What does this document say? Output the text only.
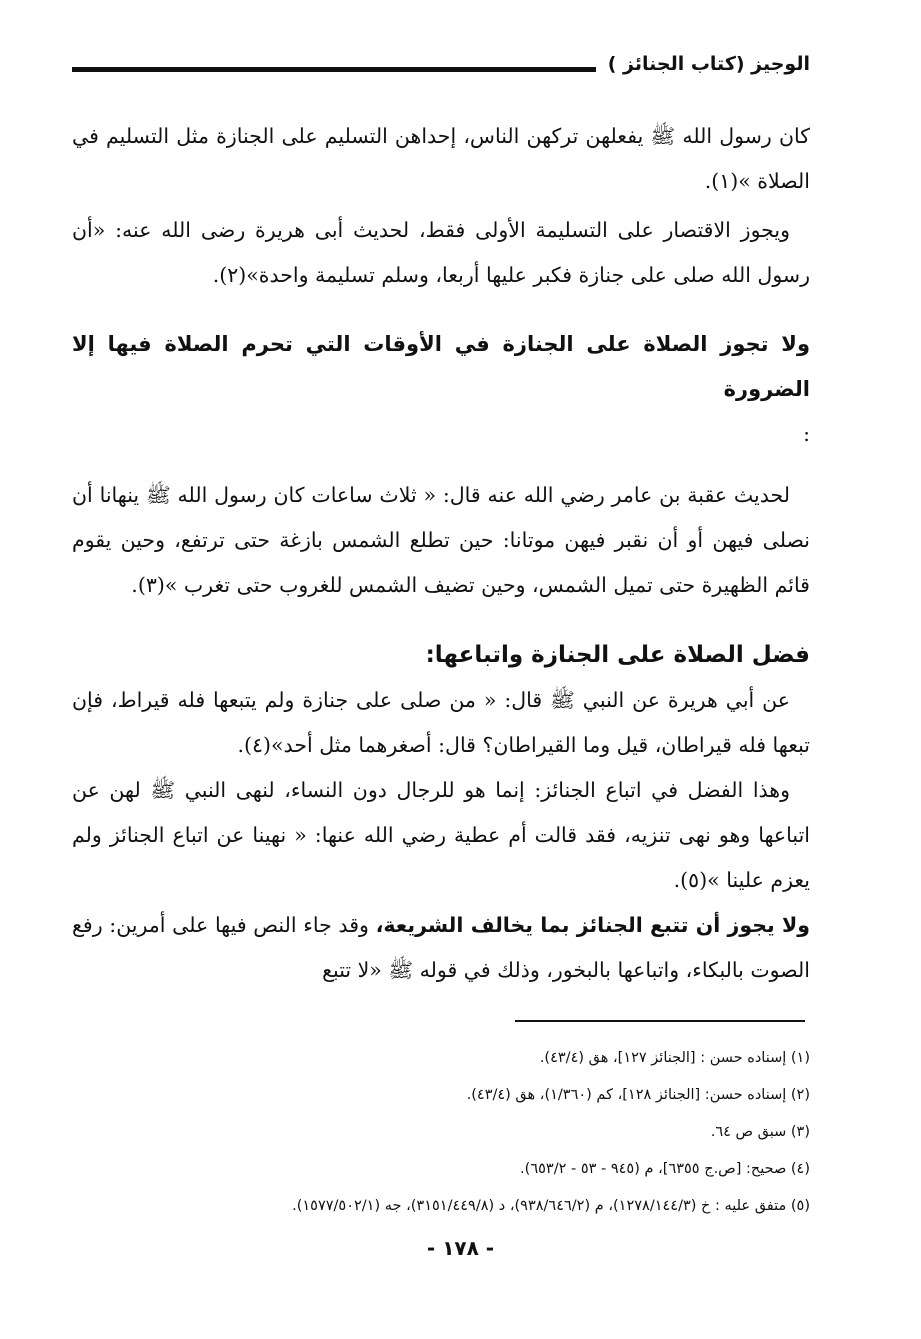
الوجيز (كتاب الجنائز )

كان رسول الله ﷺ يفعلهن تركهن الناس، إحداهن التسليم على الجنازة مثل التسليم في الصلاة »(١).

ويجوز الاقتصار على التسليمة الأولى فقط، لحديث أبى هريرة رضى الله عنه: «أن رسول الله صلى على جنازة فكبر عليها أربعا، وسلم تسليمة واحدة»(٢).

ولا تجوز الصلاة على الجنازة في الأوقات التي تحرم الصلاة فيها إلا الضرورة

:

لحديث عقبة بن عامر رضي الله عنه قال: « ثلاث ساعات كان رسول الله ﷺ ينهانا أن نصلى فيهن أو أن نقبر فيهن موتانا: حين تطلع الشمس بازغة حتى ترتفع، وحين يقوم قائم الظهيرة حتى تميل الشمس، وحين تضيف الشمس للغروب حتى تغرب »(٣).

فضل الصلاة على الجنازة واتباعها:

عن أبي هريرة عن النبي ﷺ قال: « من صلى على جنازة ولم يتبعها فله قيراط، فإن تبعها فله قيراطان، قيل وما القيراطان؟ قال: أصغرهما مثل أحد»(٤).

وهذا الفضل في اتباع الجنائز: إنما هو للرجال دون النساء، لنهى النبي ﷺ لهن عن اتباعها وهو نهى تنزيه، فقد قالت أم عطية رضي الله عنها: « نهينا عن اتباع الجنائز ولم يعزم علينا »(٥).

ولا يجوز أن تتبع الجنائز بما يخالف الشريعة، وقد جاء النص فيها على أمرين: رفع الصوت بالبكاء، واتباعها بالبخور، وذلك في قوله ﷺ «لا تتبع

(١) إسناده حسن : [الجنائز ١٢٧]، هق (٤٣/٤).
(٢) إسناده حسن: [الجنائز ١٢٨]، كم (١/٣٦٠)، هق (٤٣/٤).
(٣) سبق ص ٦٤.
(٤) صحيح: [ص.ج ٦٣٥٥]، م (٩٤٥ - ٥٣ - ٦٥٣/٢).
(٥) متفق عليه : خ (١٢٧٨/١٤٤/٣)، م (٩٣٨/٦٤٦/٢)، د (٣١٥١/٤٤٩/٨)، جه (١٥٧٧/٥٠٢/١).
- ١٧٨ -
